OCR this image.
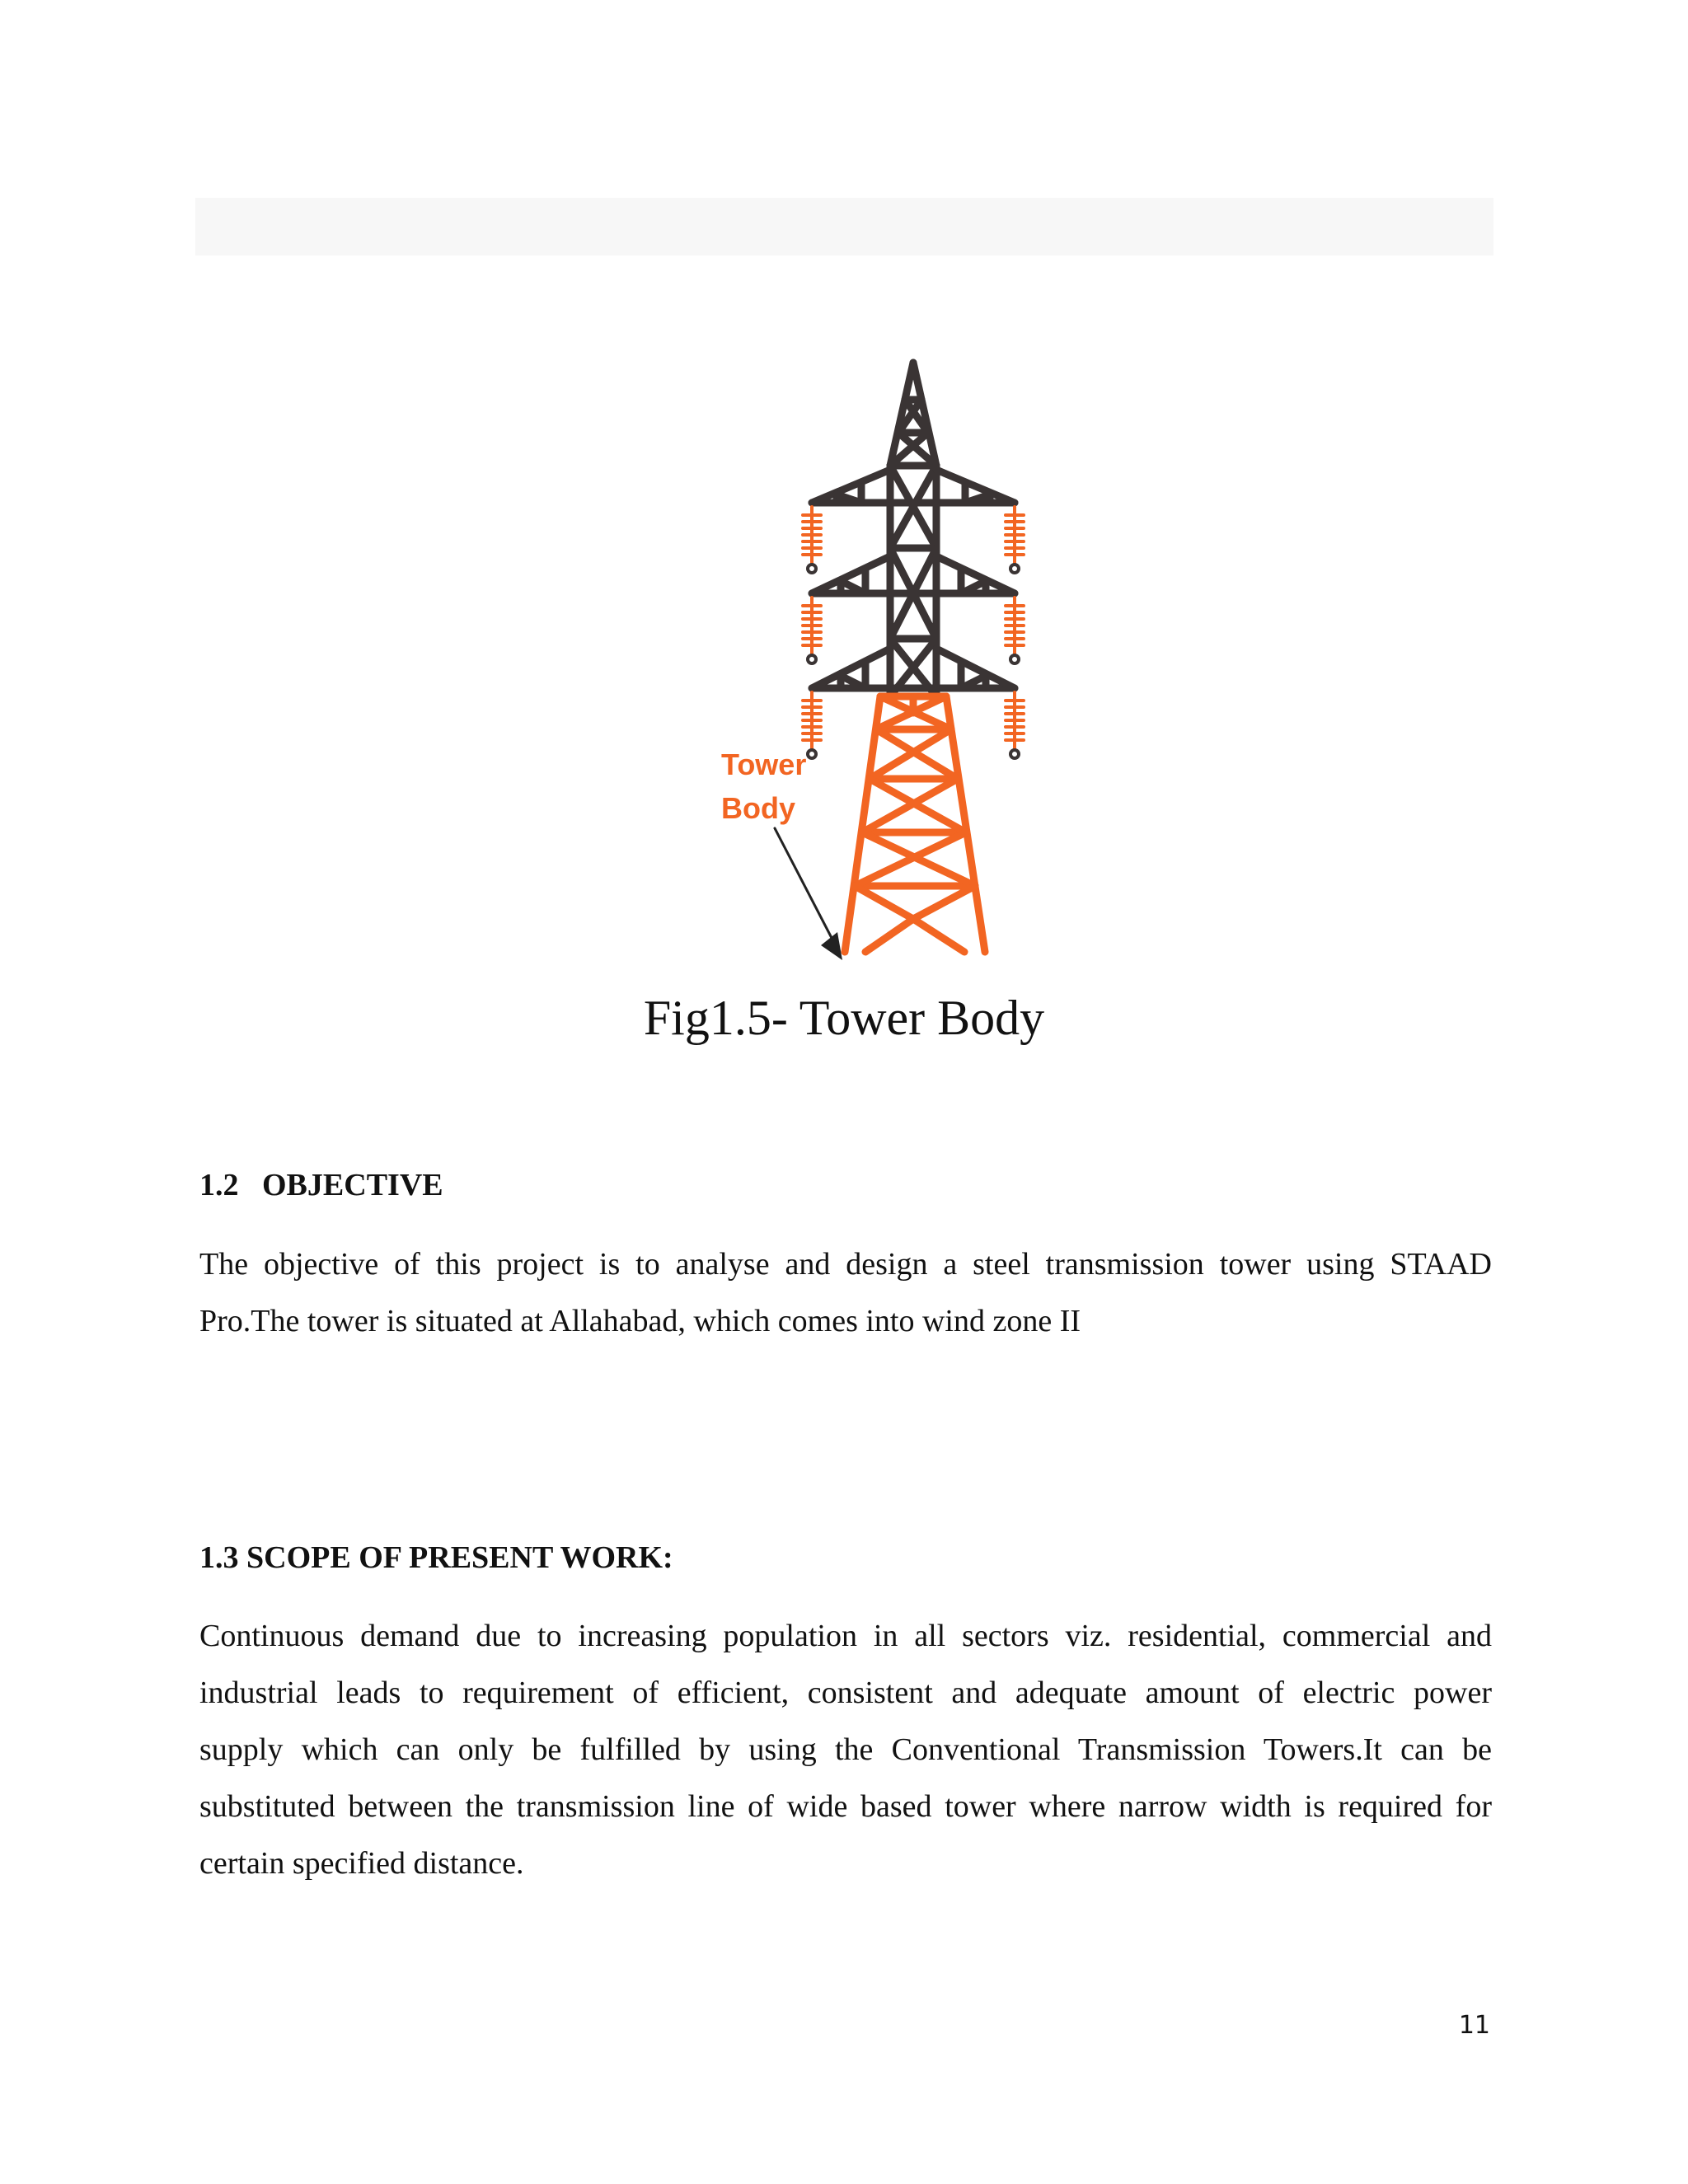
Tower
Body
Fig1.5- Tower Body
1.2   OBJECTIVE
The objective of this project is to analyse and design a steel transmission tower using STAAD
Pro.The tower is situated at Allahabad, which comes into wind zone II
1.3 SCOPE OF PRESENT WORK:
Continuous demand due to increasing population in all sectors viz. residential, commercial and
industrial leads to requirement of efficient, consistent and adequate amount of electric power
supply which can only be fulfilled by using the Conventional Transmission Towers.It can be
substituted between the transmission line of wide based tower where narrow width is required for
certain specified distance.
11
